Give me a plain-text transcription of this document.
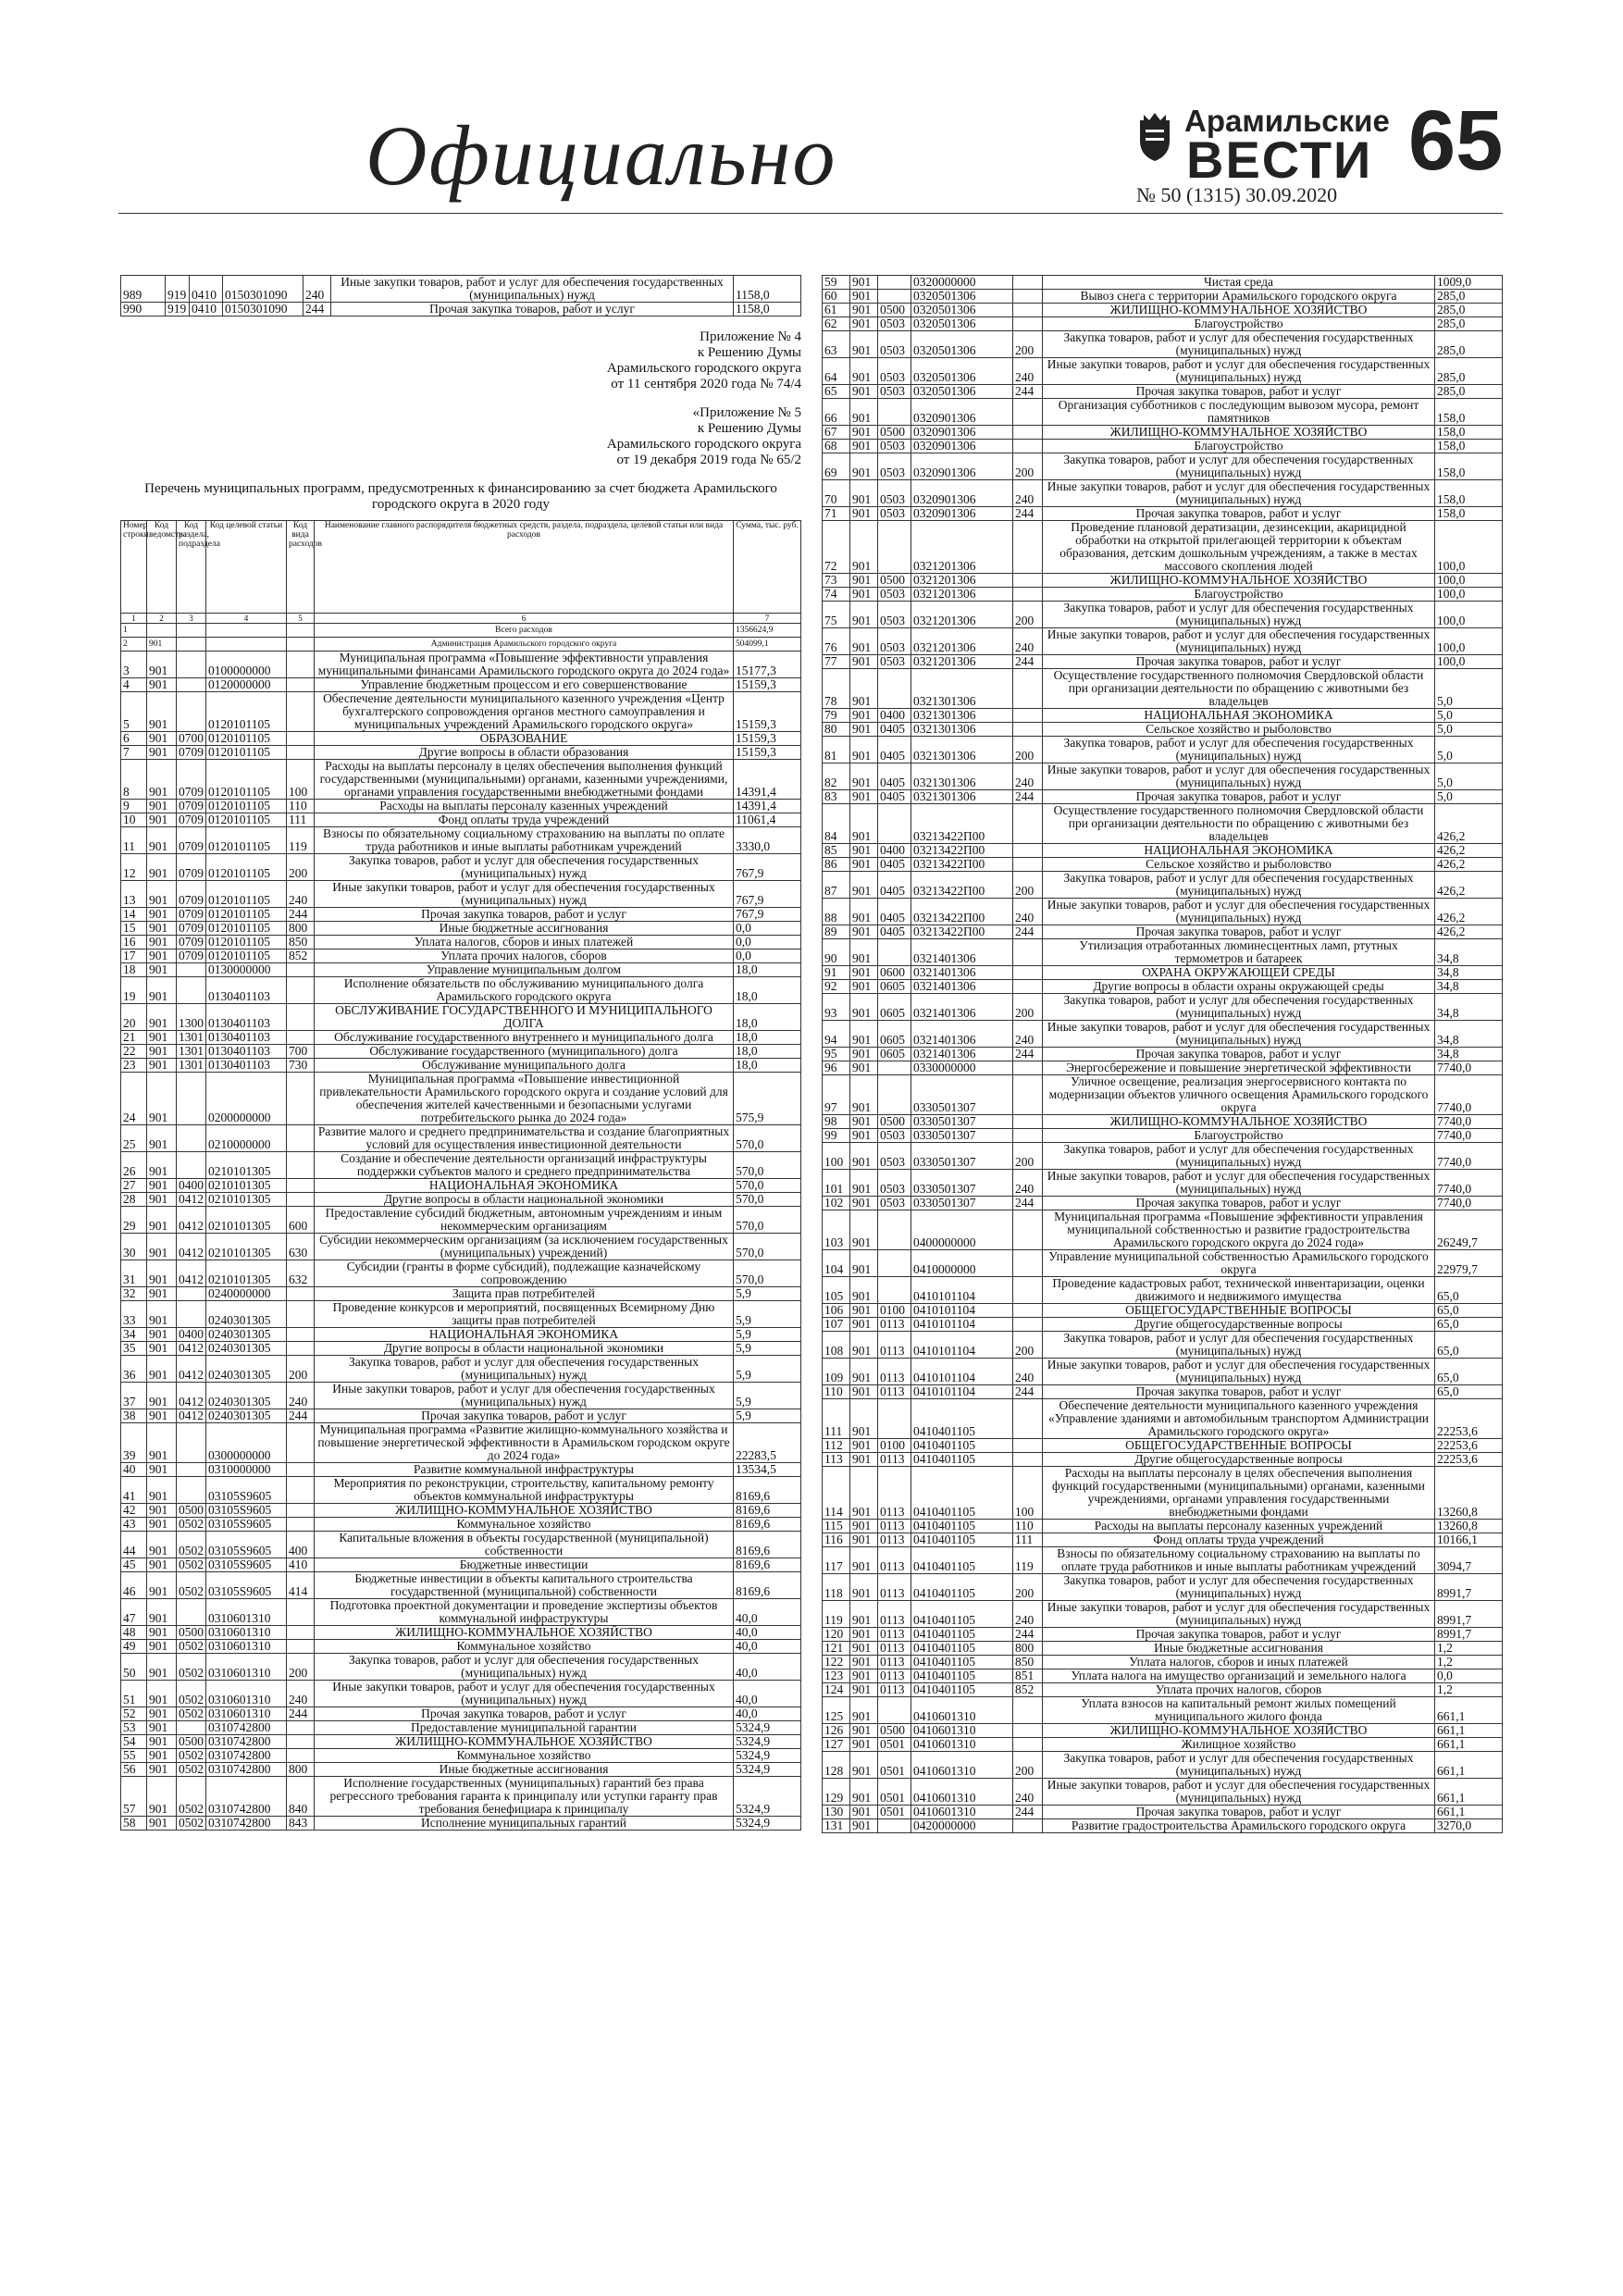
Официально	Арамильские
ВЕСТИ 65
№ 50 (1315) 30.09.2020
989	919	0410	0150301090	240	Иные закупки товаров, работ и услуг для обеспечения государственных (муниципальных) нужд	1158,0
990	919	0410	0150301090	244	Прочая закупка товаров, работ и услуг	1158,0
Приложение № 4
к Решению Думы
Арамильского городского округа
от 11 сентября 2020 года № 74/4
«Приложение № 5
к Решению Думы
Арамильского городского округа
от 19 декабря 2019 года № 65/2
Перечень муниципальных программ, предусмотренных к финансированию за счет бюджета Арамильского городского округа в 2020 году
Номер строки	Код ведомства	Код раздела, подраздела	Код целевой статьи	Код вида расходов	Наименование главного распорядителя бюджетных средств, раздела, подраздела, целевой статьи или вида расходов	Сумма, тыс. руб.
1	2	3	4	5	6	7
1					Всего расходов	1356624,9
2	901				Администрация Арамильского городского округа	504099,1
3	901		0100000000		Муниципальная программа «Повышение эффективности управления муниципальными финансами Арамильского городского округа до 2024 года»	15177,3
4	901		0120000000		Управление бюджетным процессом и его совершенствование	15159,3
5	901		0120101105		Обеспечение деятельности муниципального казенного учреждения «Центр бухгалтерского сопровождения органов местного самоуправления и муниципальных учреждений Арамильского городского округа»	15159,3
6	901	0700	0120101105		ОБРАЗОВАНИЕ	15159,3
7	901	0709	0120101105		Другие вопросы в области образования	15159,3
8	901	0709	0120101105	100	Расходы на выплаты персоналу в целях обеспечения выполнения функций государственными (муниципальными) органами, казенными учреждениями, органами управления государственными внебюджетными фондами	14391,4
9	901	0709	0120101105	110	Расходы на выплаты персоналу казенных учреждений	14391,4
10	901	0709	0120101105	111	Фонд оплаты труда учреждений	11061,4
11	901	0709	0120101105	119	Взносы по обязательному социальному страхованию на выплаты по оплате труда работников и иные выплаты работникам учреждений	3330,0
12	901	0709	0120101105	200	Закупка товаров, работ и услуг для обеспечения государственных (муниципальных) нужд	767,9
13	901	0709	0120101105	240	Иные закупки товаров, работ и услуг для обеспечения государственных (муниципальных) нужд	767,9
14	901	0709	0120101105	244	Прочая закупка товаров, работ и услуг	767,9
15	901	0709	0120101105	800	Иные бюджетные ассигнования	0,0
16	901	0709	0120101105	850	Уплата налогов, сборов и иных платежей	0,0
17	901	0709	0120101105	852	Уплата прочих налогов, сборов	0,0
18	901		0130000000		Управление муниципальным долгом	18,0
19	901		0130401103		Исполнение обязательств по обслуживанию муниципального долга Арамильского городского округа	18,0
20	901	1300	0130401103		ОБСЛУЖИВАНИЕ ГОСУДАРСТВЕННОГО И МУНИЦИПАЛЬНОГО ДОЛГА	18,0
21	901	1301	0130401103		Обслуживание государственного внутреннего и муниципального долга	18,0
22	901	1301	0130401103	700	Обслуживание государственного (муниципального) долга	18,0
23	901	1301	0130401103	730	Обслуживание муниципального долга	18,0
24	901		0200000000		Муниципальная программа «Повышение инвестиционной привлекательности Арамильского городского округа и создание условий для обеспечения жителей качественными и безопасными услугами потребительского рынка до 2024 года»	575,9
25	901		0210000000		Развитие малого и среднего предпринимательства и создание благоприятных условий для осуществления инвестиционной деятельности	570,0
26	901		0210101305		Создание и обеспечение деятельности организаций инфраструктуры поддержки субъектов малого и среднего предпринимательства	570,0
27	901	0400	0210101305		НАЦИОНАЛЬНАЯ ЭКОНОМИКА	570,0
28	901	0412	0210101305		Другие вопросы в области национальной экономики	570,0
29	901	0412	0210101305	600	Предоставление субсидий бюджетным, автономным учреждениям и иным некоммерческим организациям	570,0
30	901	0412	0210101305	630	Субсидии некоммерческим организациям (за исключением государственных (муниципальных) учреждений)	570,0
31	901	0412	0210101305	632	Субсидии (гранты в форме субсидий), подлежащие казначейскому сопровождению	570,0
32	901		0240000000		Защита прав потребителей	5,9
33	901		0240301305		Проведение конкурсов и мероприятий, посвященных Всемирному Дню защиты прав потребителей	5,9
34	901	0400	0240301305		НАЦИОНАЛЬНАЯ ЭКОНОМИКА	5,9
35	901	0412	0240301305		Другие вопросы в области национальной экономики	5,9
36	901	0412	0240301305	200	Закупка товаров, работ и услуг для обеспечения государственных (муниципальных) нужд	5,9
37	901	0412	0240301305	240	Иные закупки товаров, работ и услуг для обеспечения государственных (муниципальных) нужд	5,9
38	901	0412	0240301305	244	Прочая закупка товаров, работ и услуг	5,9
39	901		0300000000		Муниципальная программа «Развитие жилищно-коммунального хозяйства и повышение энергетической эффективности в Арамильском городском округе до 2024 года»	22283,5
40	901		0310000000		Развитие коммунальной инфраструктуры	13534,5
41	901		03105S9605		Мероприятия по реконструкции, строительству, капитальному ремонту объектов коммунальной инфраструктуры	8169,6
42	901	0500	03105S9605		ЖИЛИЩНО-КОММУНАЛЬНОЕ ХОЗЯЙСТВО	8169,6
43	901	0502	03105S9605		Коммунальное хозяйство	8169,6
44	901	0502	03105S9605	400	Капитальные вложения в объекты государственной (муниципальной) собственности	8169,6
45	901	0502	03105S9605	410	Бюджетные инвестиции	8169,6
46	901	0502	03105S9605	414	Бюджетные инвестиции в объекты капитального строительства государственной (муниципальной) собственности	8169,6
47	901		0310601310		Подготовка проектной документации и проведение экспертизы объектов коммунальной инфраструктуры	40,0
48	901	0500	0310601310		ЖИЛИЩНО-КОММУНАЛЬНОЕ ХОЗЯЙСТВО	40,0
49	901	0502	0310601310		Коммунальное хозяйство	40,0
50	901	0502	0310601310	200	Закупка товаров, работ и услуг для обеспечения государственных (муниципальных) нужд	40,0
51	901	0502	0310601310	240	Иные закупки товаров, работ и услуг для обеспечения государственных (муниципальных) нужд	40,0
52	901	0502	0310601310	244	Прочая закупка товаров, работ и услуг	40,0
53	901		0310742800		Предоставление муниципальной гарантии	5324,9
54	901	0500	0310742800		ЖИЛИЩНО-КОММУНАЛЬНОЕ ХОЗЯЙСТВО	5324,9
55	901	0502	0310742800		Коммунальное хозяйство	5324,9
56	901	0502	0310742800	800	Иные бюджетные ассигнования	5324,9
57	901	0502	0310742800	840	Исполнение государственных (муниципальных) гарантий без права регрессного требования гаранта к принципалу или уступки гаранту прав требования бенефициара к принципалу	5324,9
58	901	0502	0310742800	843	Исполнение муниципальных гарантий	5324,9
59	901		0320000000		Чистая среда	1009,0
60	901		0320501306		Вывоз снега с территории Арамильского городского округа	285,0
61	901	0500	0320501306		ЖИЛИЩНО-КОММУНАЛЬНОЕ ХОЗЯЙСТВО	285,0
62	901	0503	0320501306		Благоустройство	285,0
63	901	0503	0320501306	200	Закупка товаров, работ и услуг для обеспечения государственных (муниципальных) нужд	285,0
64	901	0503	0320501306	240	Иные закупки товаров, работ и услуг для обеспечения государственных (муниципальных) нужд	285,0
65	901	0503	0320501306	244	Прочая закупка товаров, работ и услуг	285,0
66	901		0320901306		Организация субботников с последующим вывозом мусора, ремонт памятников	158,0
67	901	0500	0320901306		ЖИЛИЩНО-КОММУНАЛЬНОЕ ХОЗЯЙСТВО	158,0
68	901	0503	0320901306		Благоустройство	158,0
69	901	0503	0320901306	200	Закупка товаров, работ и услуг для обеспечения государственных (муниципальных) нужд	158,0
70	901	0503	0320901306	240	Иные закупки товаров, работ и услуг для обеспечения государственных (муниципальных) нужд	158,0
71	901	0503	0320901306	244	Прочая закупка товаров, работ и услуг	158,0
72	901		0321201306		Проведение плановой дератизации, дезинсекции, акарицидной обработки на открытой прилегающей территории к объектам образования, детским дошкольным учреждениям, а также в местах массового скопления людей	100,0
73	901	0500	0321201306		ЖИЛИЩНО-КОММУНАЛЬНОЕ ХОЗЯЙСТВО	100,0
74	901	0503	0321201306		Благоустройство	100,0
75	901	0503	0321201306	200	Закупка товаров, работ и услуг для обеспечения государственных (муниципальных) нужд	100,0
76	901	0503	0321201306	240	Иные закупки товаров, работ и услуг для обеспечения государственных (муниципальных) нужд	100,0
77	901	0503	0321201306	244	Прочая закупка товаров, работ и услуг	100,0
78	901		0321301306		Осуществление государственного полномочия Свердловской области при организации деятельности по обращению с животными без владельцев	5,0
79	901	0400	0321301306		НАЦИОНАЛЬНАЯ ЭКОНОМИКА	5,0
80	901	0405	0321301306		Сельское хозяйство и рыболовство	5,0
81	901	0405	0321301306	200	Закупка товаров, работ и услуг для обеспечения государственных (муниципальных) нужд	5,0
82	901	0405	0321301306	240	Иные закупки товаров, работ и услуг для обеспечения государственных (муниципальных) нужд	5,0
83	901	0405	0321301306	244	Прочая закупка товаров, работ и услуг	5,0
84	901		03213422П00		Осуществление государственного полномочия Свердловской области при организации деятельности по обращению с животными без владельцев	426,2
85	901	0400	03213422П00		НАЦИОНАЛЬНАЯ ЭКОНОМИКА	426,2
86	901	0405	03213422П00		Сельское хозяйство и рыболовство	426,2
87	901	0405	03213422П00	200	Закупка товаров, работ и услуг для обеспечения государственных (муниципальных) нужд	426,2
88	901	0405	03213422П00	240	Иные закупки товаров, работ и услуг для обеспечения государственных (муниципальных) нужд	426,2
89	901	0405	03213422П00	244	Прочая закупка товаров, работ и услуг	426,2
90	901		0321401306		Утилизация отработанных люминесцентных ламп, ртутных термометров и батареек	34,8
91	901	0600	0321401306		ОХРАНА ОКРУЖАЮЩЕЙ СРЕДЫ	34,8
92	901	0605	0321401306		Другие вопросы в области охраны окружающей среды	34,8
93	901	0605	0321401306	200	Закупка товаров, работ и услуг для обеспечения государственных (муниципальных) нужд	34,8
94	901	0605	0321401306	240	Иные закупки товаров, работ и услуг для обеспечения государственных (муниципальных) нужд	34,8
95	901	0605	0321401306	244	Прочая закупка товаров, работ и услуг	34,8
96	901		0330000000		Энергосбережение и повышение энергетической эффективности	7740,0
97	901		0330501307		Уличное освещение, реализация энергосервисного контакта по модернизации объектов уличного освещения Арамильского городского округа	7740,0
98	901	0500	0330501307		ЖИЛИЩНО-КОММУНАЛЬНОЕ ХОЗЯЙСТВО	7740,0
99	901	0503	0330501307		Благоустройство	7740,0
100	901	0503	0330501307	200	Закупка товаров, работ и услуг для обеспечения государственных (муниципальных) нужд	7740,0
101	901	0503	0330501307	240	Иные закупки товаров, работ и услуг для обеспечения государственных (муниципальных) нужд	7740,0
102	901	0503	0330501307	244	Прочая закупка товаров, работ и услуг	7740,0
103	901		0400000000		Муниципальная программа «Повышение эффективности управления муниципальной собственностью и развитие градостроительства Арамильского городского округа до 2024 года»	26249,7
104	901		0410000000		Управление муниципальной собственностью Арамильского городского округа	22979,7
105	901		0410101104		Проведение кадастровых работ, технической инвентаризации, оценки движимого и недвижимого имущества	65,0
106	901	0100	0410101104		ОБЩЕГОСУДАРСТВЕННЫЕ ВОПРОСЫ	65,0
107	901	0113	0410101104		Другие общегосударственные вопросы	65,0
108	901	0113	0410101104	200	Закупка товаров, работ и услуг для обеспечения государственных (муниципальных) нужд	65,0
109	901	0113	0410101104	240	Иные закупки товаров, работ и услуг для обеспечения государственных (муниципальных) нужд	65,0
110	901	0113	0410101104	244	Прочая закупка товаров, работ и услуг	65,0
111	901		0410401105		Обеспечение деятельности муниципального казенного учреждения «Управление зданиями и автомобильным транспортом Администрации Арамильского городского округа»	22253,6
112	901	0100	0410401105		ОБЩЕГОСУДАРСТВЕННЫЕ ВОПРОСЫ	22253,6
113	901	0113	0410401105		Другие общегосударственные вопросы	22253,6
114	901	0113	0410401105	100	Расходы на выплаты персоналу в целях обеспечения выполнения функций государственными (муниципальными) органами, казенными учреждениями, органами управления государственными внебюджетными фондами	13260,8
115	901	0113	0410401105	110	Расходы на выплаты персоналу казенных учреждений	13260,8
116	901	0113	0410401105	111	Фонд оплаты труда учреждений	10166,1
117	901	0113	0410401105	119	Взносы по обязательному социальному страхованию на выплаты по оплате труда работников и иные выплаты работникам учреждений	3094,7
118	901	0113	0410401105	200	Закупка товаров, работ и услуг для обеспечения государственных (муниципальных) нужд	8991,7
119	901	0113	0410401105	240	Иные закупки товаров, работ и услуг для обеспечения государственных (муниципальных) нужд	8991,7
120	901	0113	0410401105	244	Прочая закупка товаров, работ и услуг	8991,7
121	901	0113	0410401105	800	Иные бюджетные ассигнования	1,2
122	901	0113	0410401105	850	Уплата налогов, сборов и иных платежей	1,2
123	901	0113	0410401105	851	Уплата налога на имущество организаций и земельного налога	0,0
124	901	0113	0410401105	852	Уплата прочих налогов, сборов	1,2
125	901		0410601310		Уплата взносов на капитальный ремонт жилых помещений муниципального жилого фонда	661,1
126	901	0500	0410601310		ЖИЛИЩНО-КОММУНАЛЬНОЕ ХОЗЯЙСТВО	661,1
127	901	0501	0410601310		Жилищное хозяйство	661,1
128	901	0501	0410601310	200	Закупка товаров, работ и услуг для обеспечения государственных (муниципальных) нужд	661,1
129	901	0501	0410601310	240	Иные закупки товаров, работ и услуг для обеспечения государственных (муниципальных) нужд	661,1
130	901	0501	0410601310	244	Прочая закупка товаров, работ и услуг	661,1
131	901		0420000000		Развитие градостроительства Арамильского городского округа	3270,0
